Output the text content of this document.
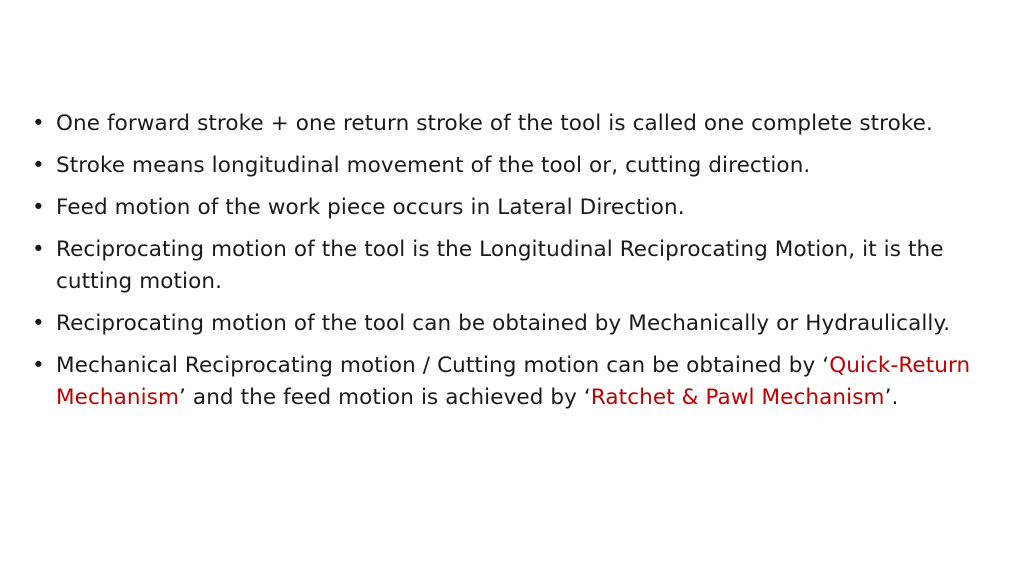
• One forward stroke + one return stroke of the tool is called one complete stroke.
• Stroke means longitudinal movement of the tool or, cutting direction.
• Feed motion of the work piece occurs in Lateral Direction.
• Reciprocating motion of the tool is the Longitudinal Reciprocating Motion, it is the cutting motion.
• Reciprocating motion of the tool can be obtained by Mechanically or Hydraulically.
• Mechanical Reciprocating motion / Cutting motion can be obtained by ‘Quick-Return Mechanism’ and the feed motion is achieved by ‘Ratchet & Pawl Mechanism’.
